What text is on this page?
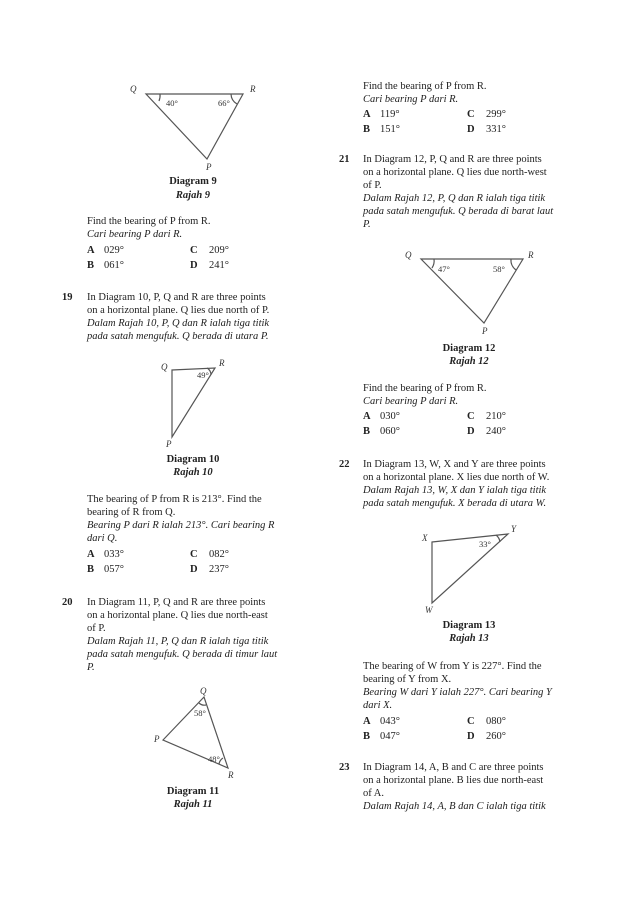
Q	R
P
40°	66°
Q	R
P
49°
Q
P
R
58°
48°
Q	R
P
47°	58°
X
Y
W
33°
Diagram 9
Rajah 9
Find the bearing of P from R.
Cari bearing P dari R.
A 029°	C 209°
B 061°	D 241°
19 In Diagram 10, P, Q and R are three points
on a horizontal plane. Q lies due north of P.
Dalam Rajah 10, P, Q dan R ialah tiga titik
pada satah mengufuk. Q berada di utara P.
Diagram 10
Rajah 10
The bearing of P from R is 213°. Find the
bearing of R from Q.
Bearing P dari R ialah 213°. Cari bearing R
dari Q.
A 033°	C 082°
B 057°	D 237°
20 In Diagram 11, P, Q and R are three points
on a horizontal plane. Q lies due north-east
of P.
Dalam Rajah 11, P, Q dan R ialah tiga titik
pada satah mengufuk. Q berada di timur laut
P.
Diagram 11
Rajah 11
Find the bearing of P from R.
Cari bearing P dari R.
A 119°	C 299°
B 151°	D 331°
21 In Diagram 12, P, Q and R are three points
on a horizontal plane. Q lies due north-west
of P.
Dalam Rajah 12, P, Q dan R ialah tiga titik
pada satah mengufuk. Q berada di barat laut
P.
Diagram 12
Rajah 12
Find the bearing of P from R.
Cari bearing P dari R.
A 030°	C 210°
B 060°	D 240°
22 In Diagram 13, W, X and Y are three points
on a horizontal plane. X lies due north of W.
Dalam Rajah 13, W, X dan Y ialah tiga titik
pada satah mengufuk. X berada di utara W.
Diagram 13
Rajah 13
The bearing of W from Y is 227°. Find the
bearing of Y from X.
Bearing W dari Y ialah 227°. Cari bearing Y
dari X.
A 043°	C 080°
B 047°	D 260°
23 In Diagram 14, A, B and C are three points
on a horizontal plane. B lies due north-east
of A.
Dalam Rajah 14, A, B dan C ialah tiga titik
